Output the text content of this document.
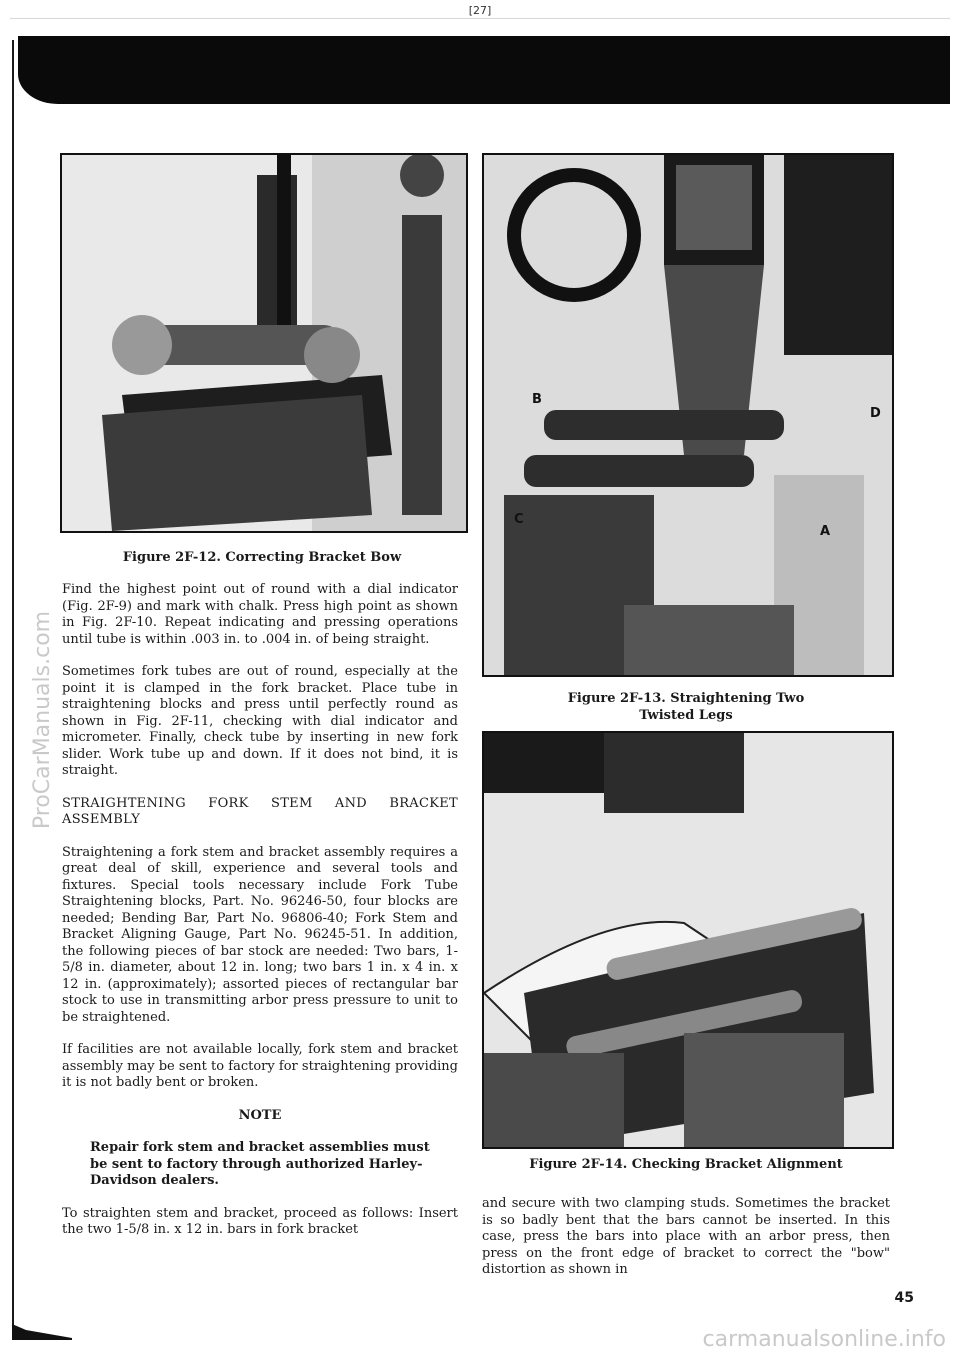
[27]
ProCarManuals.com
Figure 2F-12. Correcting Bracket Bow
B
D
C
A
Figure 2F-13. Straightening Two
Twisted Legs
Figure 2F-14. Checking Bracket Alignment

Find the highest point out of round with a dial indicator (Fig. 2F-9) and mark with chalk. Press high point as shown in Fig. 2F-10. Repeat indicating and pressing operations until tube is within .003 in. to .004 in. of being straight.

Sometimes fork tubes are out of round, especially at the point it is clamped in the fork bracket. Place tube in straightening blocks and press until perfectly round as shown in Fig. 2F-11, checking with dial indicator and micrometer. Finally, check tube by inserting in new fork slider. Work tube up and down. If it does not bind, it is straight.

STRAIGHTENING FORK STEM AND BRACKET ASSEMBLY

Straightening a fork stem and bracket assembly requires a great deal of skill, experience and several tools and fixtures. Special tools necessary include Fork Tube Straightening blocks, Part. No. 96246-50, four blocks are needed; Bending Bar, Part No. 96806-40; Fork Stem and Bracket Aligning Gauge, Part No. 96245-51. In addition, the following pieces of bar stock are needed: Two bars, 1-5/8 in. diameter, about 12 in. long; two bars 1 in. x 4 in. x 12 in. (approximately); assorted pieces of rectangular bar stock to use in transmitting arbor press pressure to unit to be straightened.

If facilities are not available locally, fork stem and bracket assembly may be sent to factory for straightening providing it is not badly bent or broken.

NOTE

Repair fork stem and bracket assemblies must be sent to factory through authorized Harley-Davidson dealers.

To straighten stem and bracket, proceed as follows: Insert the two 1-5/8 in. x 12 in. bars in fork bracket

and secure with two clamping studs. Sometimes the bracket is so badly bent that the bars cannot be inserted. In this case, press the bars into place with an arbor press, then press on the front edge of bracket to correct the "bow" distortion as shown in

45
carmanualsonline.info
